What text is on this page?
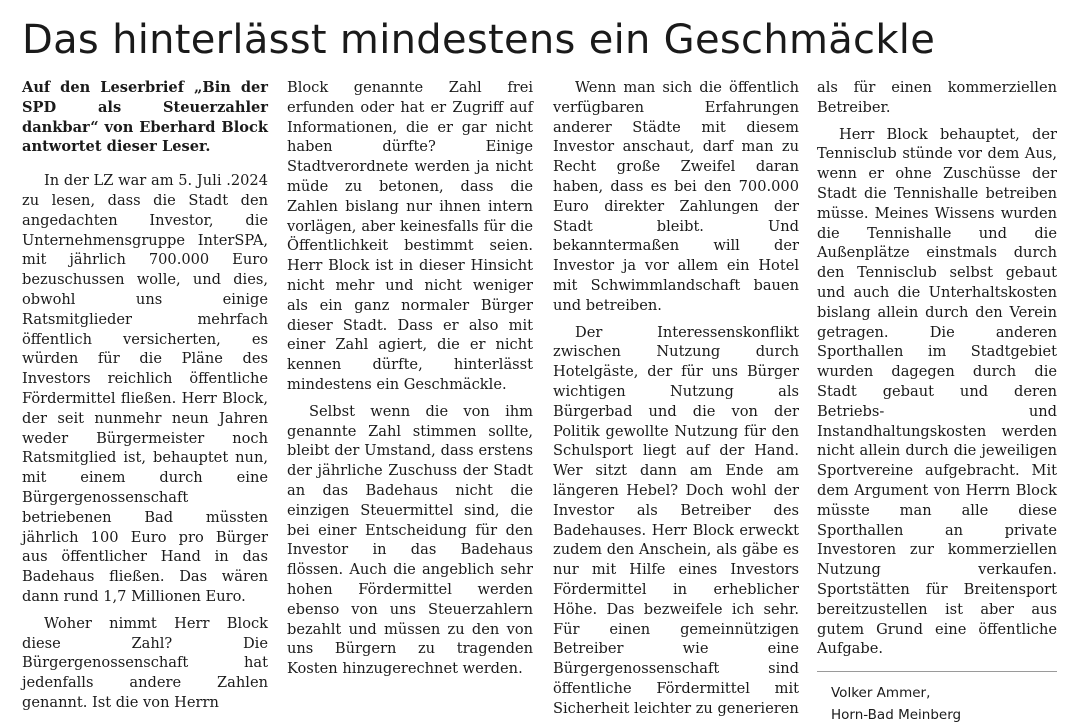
Das hinterlässt mindestens ein Geschmäckle

Auf den Leserbrief „Bin der SPD als Steuerzahler dankbar“ von Eberhard Block antwortet dieser Leser.

In der LZ war am 5. Juli .2024 zu lesen, dass die Stadt den angedachten Investor, die Unternehmensgruppe InterSPA, mit jährlich 700.000 Euro bezuschussen wolle, und dies, obwohl uns einige Ratsmitglieder mehrfach öffentlich versicherten, es würden für die Pläne des Investors reichlich öffentliche Fördermittel fließen. Herr Block, der seit nunmehr neun Jahren weder Bürgermeister noch Ratsmitglied ist, behauptet nun, mit einem durch eine Bürgergenossenschaft betriebenen Bad müssten jährlich 100 Euro pro Bürger aus öffentlicher Hand in das Badehaus fließen. Das wären dann rund 1,7 Millionen Euro.

Woher nimmt Herr Block diese Zahl? Die Bürgergenossenschaft hat jedenfalls andere Zahlen genannt. Ist die von Herrn

Block genannte Zahl frei erfunden oder hat er Zugriff auf Informationen, die er gar nicht haben dürfte? Einige Stadtverordnete werden ja nicht müde zu betonen, dass die Zahlen bislang nur ihnen intern vorlägen, aber keinesfalls für die Öffentlichkeit bestimmt seien. Herr Block ist in dieser Hinsicht nicht mehr und nicht weniger als ein ganz normaler Bürger dieser Stadt. Dass er also mit einer Zahl agiert, die er nicht kennen dürfte, hinterlässt mindestens ein Geschmäckle.

Selbst wenn die von ihm genannte Zahl stimmen sollte, bleibt der Umstand, dass erstens der jährliche Zuschuss der Stadt an das Badehaus nicht die einzigen Steuermittel sind, die bei einer Entscheidung für den Investor in das Badehaus flössen. Auch die angeblich sehr hohen Fördermittel werden ebenso von uns Steuerzahlern bezahlt und müssen zu den von uns Bürgern zu tragenden Kosten hinzugerechnet werden.

Wenn man sich die öffentlich verfügbaren Erfahrungen anderer Städte mit diesem Investor anschaut, darf man zu Recht große Zweifel daran haben, dass es bei den 700.000 Euro direkter Zahlungen der Stadt bleibt. Und bekanntermaßen will der Investor ja vor allem ein Hotel mit Schwimmlandschaft bauen und betreiben.

Der Interessenskonflikt zwischen Nutzung durch Hotelgäste, der für uns Bürger wichtigen Nutzung als Bürgerbad und die von der Politik gewollte Nutzung für den Schulsport liegt auf der Hand. Wer sitzt dann am Ende am längeren Hebel? Doch wohl der Investor als Betreiber des Badehauses. Herr Block erweckt zudem den Anschein, als gäbe es nur mit Hilfe eines Investors Fördermittel in erheblicher Höhe. Das bezweifele ich sehr. Für einen gemeinnützigen Betreiber wie eine Bürgergenossenschaft sind öffentliche Fördermittel mit Sicherheit leichter zu generieren

als für einen kommerziellen Betreiber.

Herr Block behauptet, der Tennisclub stünde vor dem Aus, wenn er ohne Zuschüsse der Stadt die Tennishalle betreiben müsse. Meines Wissens wurden die Tennishalle und die Außenplätze einstmals durch den Tennisclub selbst gebaut und auch die Unterhaltskosten bislang allein durch den Verein getragen. Die anderen Sporthallen im Stadtgebiet wurden dagegen durch die Stadt gebaut und deren Betriebs- und Instandhaltungskosten werden nicht allein durch die jeweiligen Sportvereine aufgebracht. Mit dem Argument von Herrn Block müsste man alle diese Sporthallen an private Investoren zur kommerziellen Nutzung verkaufen. Sportstätten für Breitensport bereitzustellen ist aber aus gutem Grund eine öffentliche Aufgabe.

Volker Ammer,
Horn-Bad Meinberg
